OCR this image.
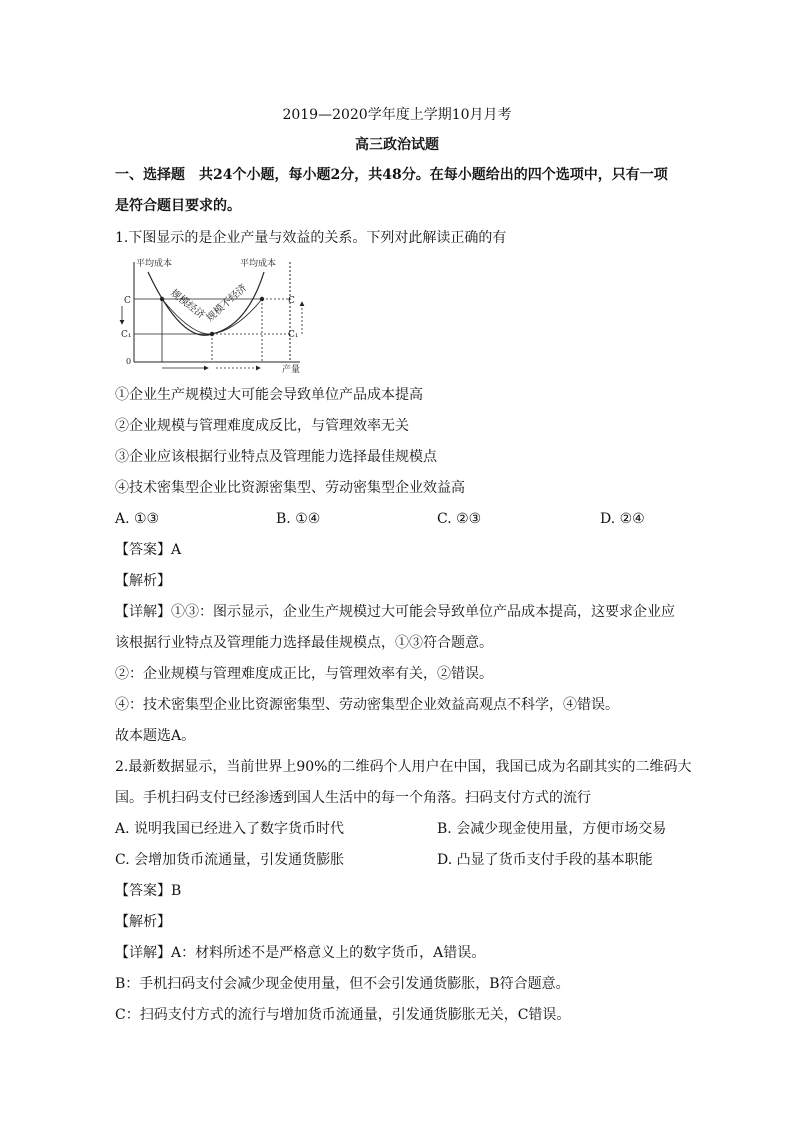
2019—2020学年度上学期10月月考
高三政治试题
一、选择题　共24个小题，每小题2分，共48分。在每小题给出的四个选项中，只有一项
是符合题目要求的。
1.下图显示的是企业产量与效益的关系。下列对此解读正确的有
平均成本	平均成本
C
C₁
0
C
C₁
产量
规模经济
规模不经济
①企业生产规模过大可能会导致单位产品成本提高
②企业规模与管理难度成反比，与管理效率无关
③企业应该根据行业特点及管理能力选择最佳规模点
④技术密集型企业比资源密集型、劳动密集型企业效益高
A. ①③	B. ①④	C. ②③	D. ②④
【答案】A
【解析】
【详解】①③：图示显示，企业生产规模过大可能会导致单位产品成本提高，这要求企业应
该根据行业特点及管理能力选择最佳规模点，①③符合题意。
②：企业规模与管理难度成正比，与管理效率有关，②错误。
④：技术密集型企业比资源密集型、劳动密集型企业效益高观点不科学，④错误。
故本题选A。
2.最新数据显示，当前世界上90%的二维码个人用户在中国，我国已成为名副其实的二维码大
国。手机扫码支付已经渗透到国人生活中的每一个角落。扫码支付方式的流行
A. 说明我国已经进入了数字货币时代	B. 会减少现金使用量，方便市场交易
C. 会增加货币流通量，引发通货膨胀	D. 凸显了货币支付手段的基本职能
【答案】B
【解析】
【详解】A：材料所述不是严格意义上的数字货币，A错误。
B：手机扫码支付会减少现金使用量，但不会引发通货膨胀，B符合题意。
C：扫码支付方式的流行与增加货币流通量，引发通货膨胀无关，C错误。
